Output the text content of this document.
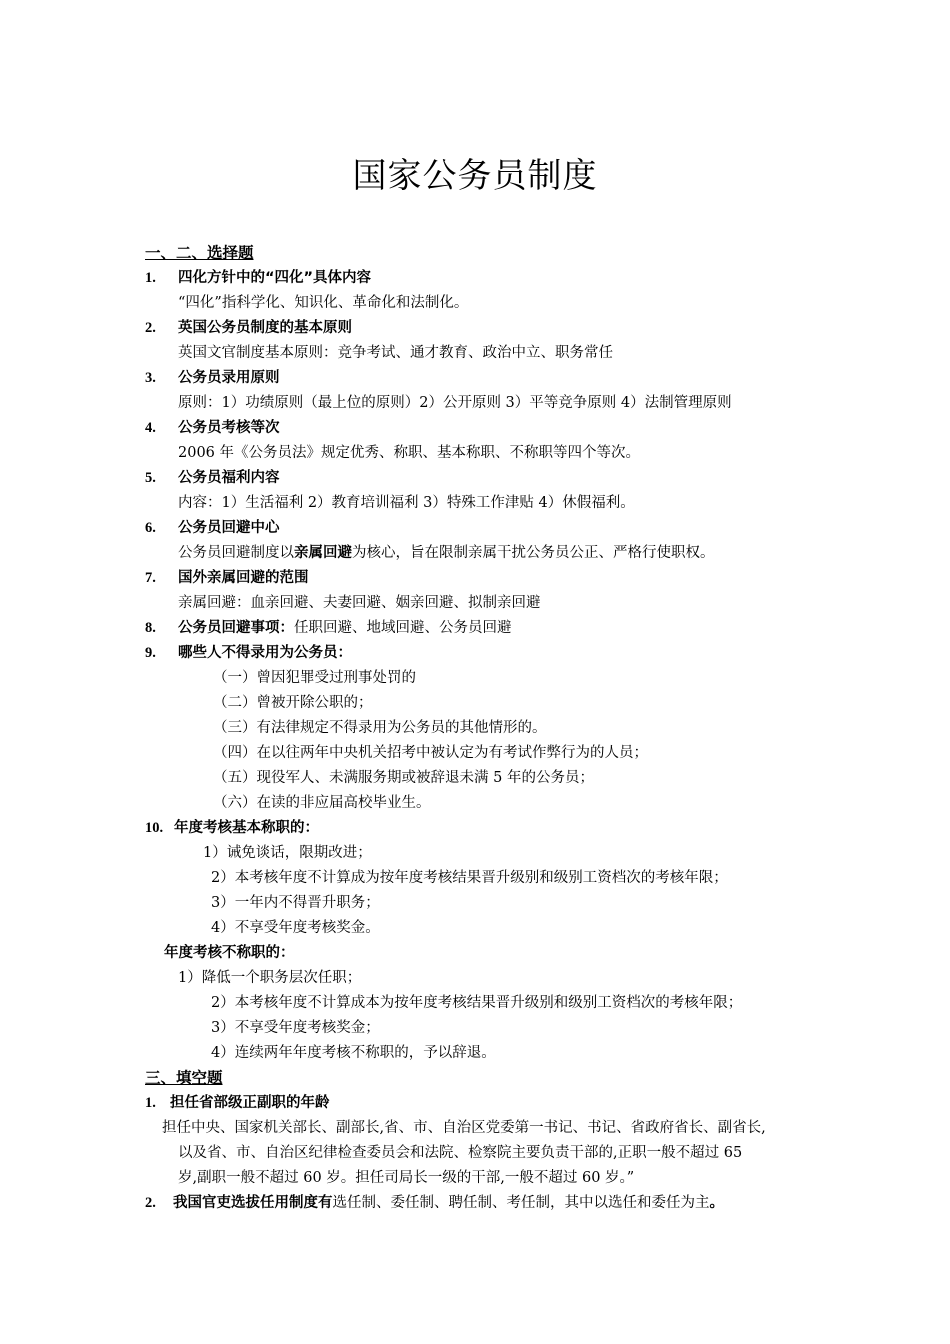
国家公务员制度
一、二、选择题
1. 四化方针中的“四化”具体内容
“四化”指科学化、知识化、革命化和法制化。
2. 英国公务员制度的基本原则
英国文官制度基本原则：竞争考试、通才教育、政治中立、职务常任
3. 公务员录用原则
原则：1）功绩原则（最上位的原则）2）公开原则 3）平等竞争原则 4）法制管理原则
4. 公务员考核等次
2006 年《公务员法》规定优秀、称职、基本称职、不称职等四个等次。
5. 公务员福利内容
内容：1）生活福利 2）教育培训福利 3）特殊工作津贴 4）休假福利。
6. 公务员回避中心
公务员回避制度以亲属回避为核心，旨在限制亲属干扰公务员公正、严格行使职权。
7. 国外亲属回避的范围
亲属回避：血亲回避、夫妻回避、姻亲回避、拟制亲回避
8. 公务员回避事项：任职回避、地域回避、公务员回避
9. 哪些人不得录用为公务员：
（一）曾因犯罪受过刑事处罚的
（二）曾被开除公职的；
（三）有法律规定不得录用为公务员的其他情形的。
（四）在以往两年中央机关招考中被认定为有考试作弊行为的人员；
（五）现役军人、未满服务期或被辞退未满 5 年的公务员；
（六）在读的非应届高校毕业生。
10. 年度考核基本称职的：
1）诫免谈话，限期改进；
2）本考核年度不计算成为按年度考核结果晋升级别和级别工资档次的考核年限；
3）一年内不得晋升职务；
4）不享受年度考核奖金。
年度考核不称职的：
1）降低一个职务层次任职；
2）本考核年度不计算成本为按年度考核结果晋升级别和级别工资档次的考核年限；
3）不享受年度考核奖金；
4）连续两年年度考核不称职的，予以辞退。
三、填空题
1. 担任省部级正副职的年龄
担任中央、国家机关部长、副部长,省、市、自治区党委第一书记、书记、省政府省长、副省长,
以及省、市、自治区纪律检查委员会和法院、检察院主要负责干部的,正职一般不超过 65
岁,副职一般不超过 60 岁。担任司局长一级的干部,一般不超过 60 岁。”
2. 我国官吏选拔任用制度有选任制、委任制、聘任制、考任制，其中以选任和委任为主。
